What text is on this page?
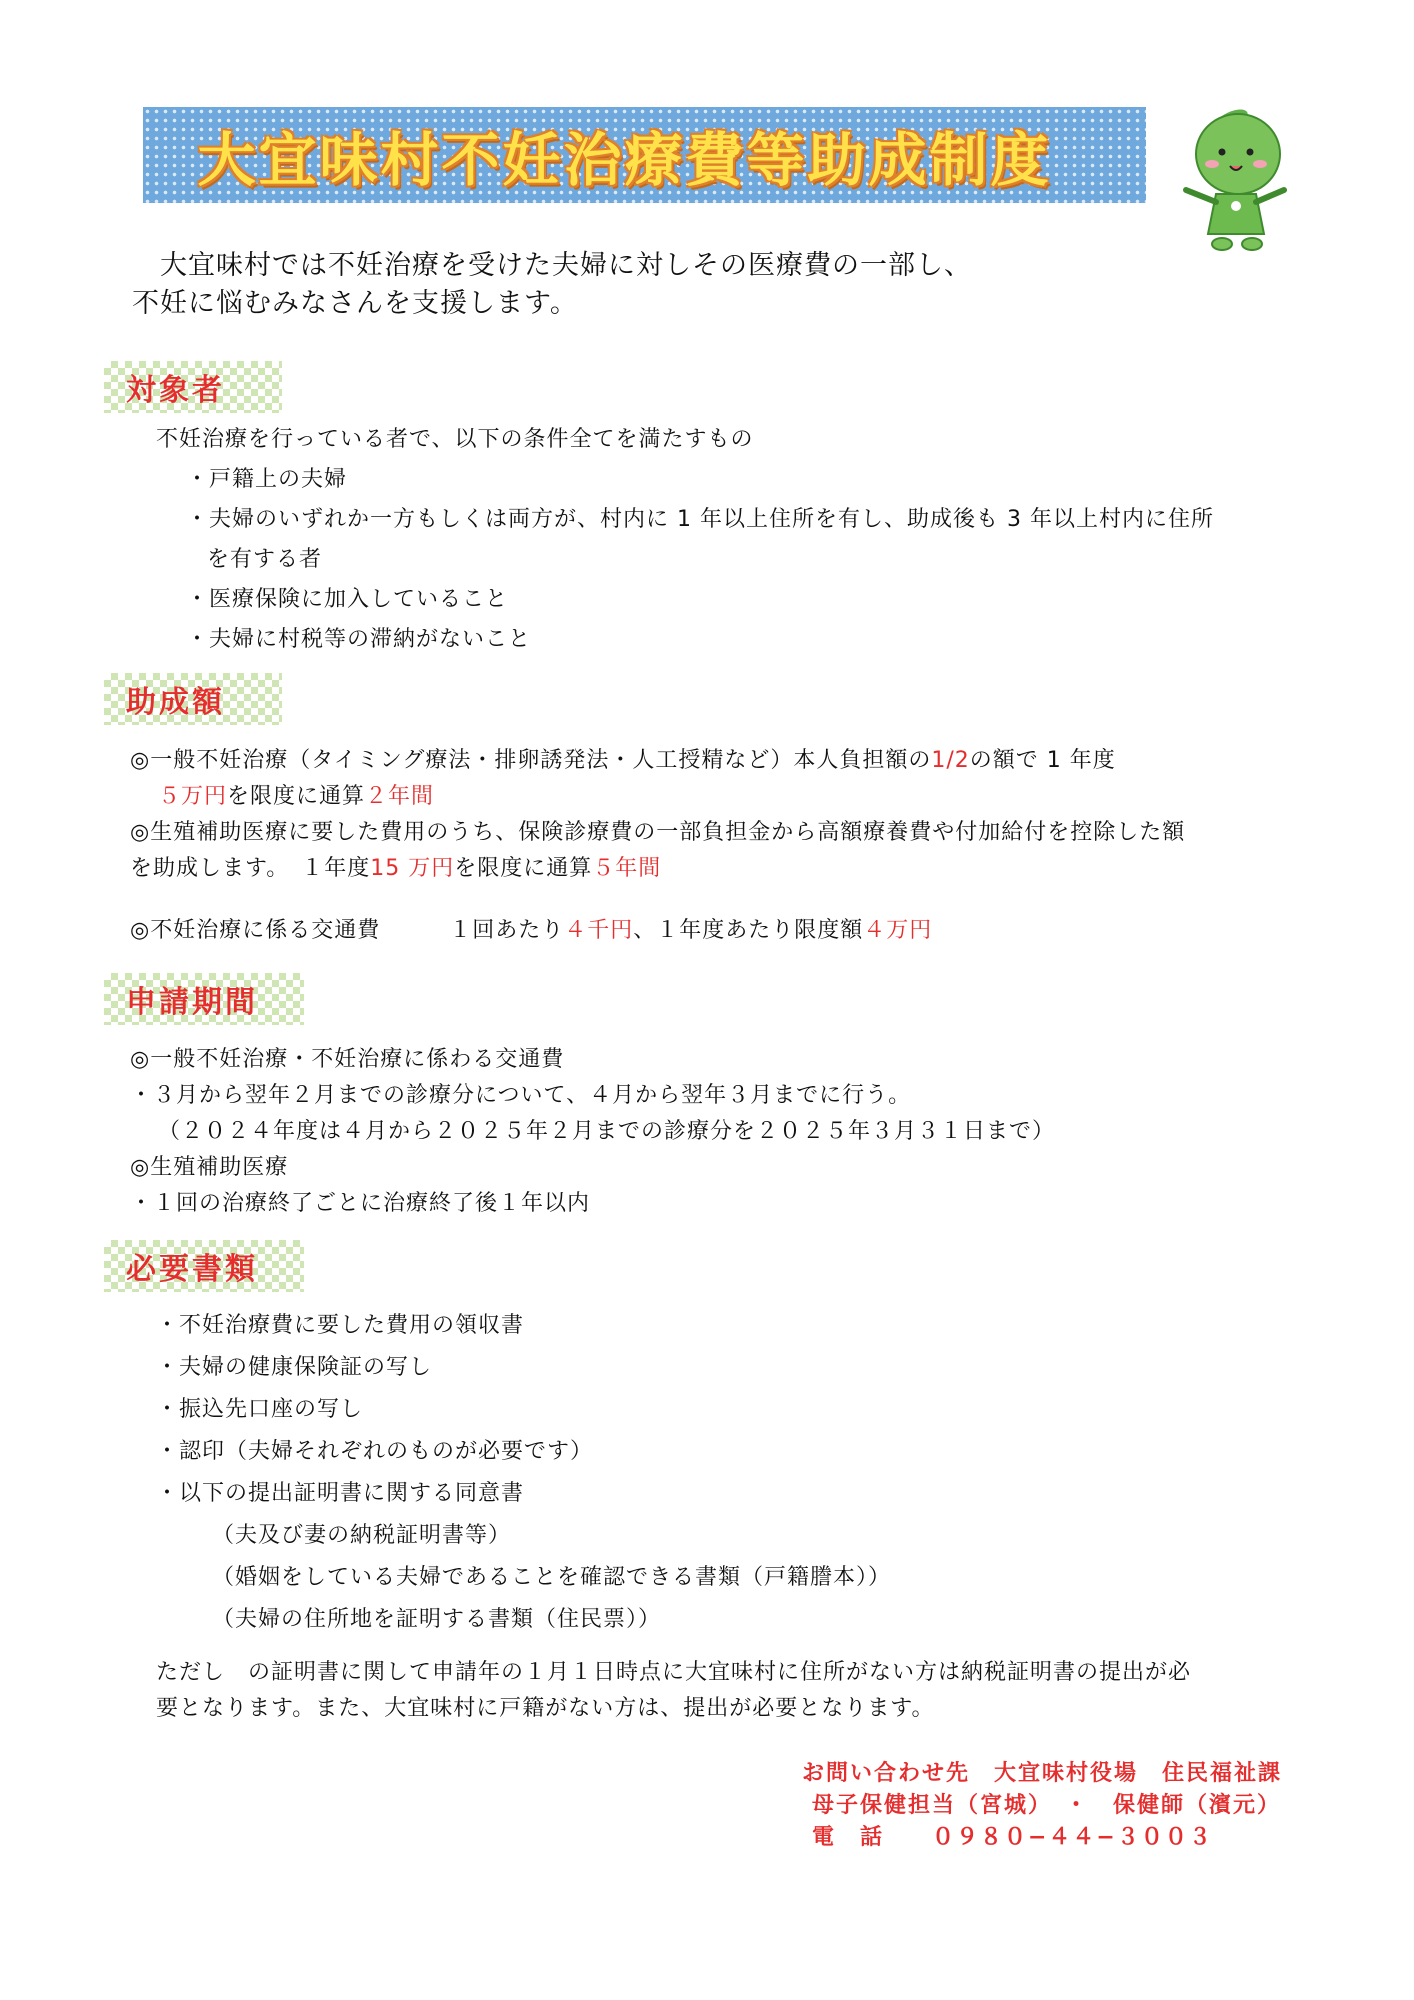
大宜味村不妊治療費等助成制度

　大宜味村では不妊治療を受けた夫婦に対しその医療費の一部し、

不妊に悩むみなさんを支援します。

対象者

不妊治療を行っている者で、以下の条件全てを満たすもの

・戸籍上の夫婦

・夫婦のいずれか一方もしくは両方が、村内に 1 年以上住所を有し、助成後も 3 年以上村内に住所

を有する者

・医療保険に加入していること

・夫婦に村税等の滞納がないこと

助成額

◎一般不妊治療（タイミング療法・排卵誘発法・人工授精など）本人負担額の1/2の額で 1 年度

５万円を限度に通算２年間

◎生殖補助医療に要した費用のうち、保険診療費の一部負担金から高額療養費や付加給付を控除した額

を助成します。　１年度15 万円を限度に通算５年間

◎不妊治療に係る交通費　　　１回あたり４千円、１年度あたり限度額４万円

申請期間

◎一般不妊治療・不妊治療に係わる交通費

・３月から翌年２月までの診療分について、４月から翌年３月までに行う。

（２０２４年度は４月から２０２５年２月までの診療分を２０２５年３月３１日まで）

◎生殖補助医療

・１回の治療終了ごとに治療終了後１年以内

必要書類

・不妊治療費に要した費用の領収書

・夫婦の健康保険証の写し

・振込先口座の写し

・認印（夫婦それぞれのものが必要です）

・以下の提出証明書に関する同意書

（夫及び妻の納税証明書等）

（婚姻をしている夫婦であることを確認できる書類（戸籍謄本））

（夫婦の住所地を証明する書類（住民票））

ただし　の証明書に関して申請年の１月１日時点に大宜味村に住所がない方は納税証明書の提出が必

要となります。また、大宜味村に戸籍がない方は、提出が必要となります。

お問い合わせ先　大宜味村役場　住民福祉課

母子保健担当（宮城）　・　保健師（濱元）

電　話　　０９８０−４４−３００３
